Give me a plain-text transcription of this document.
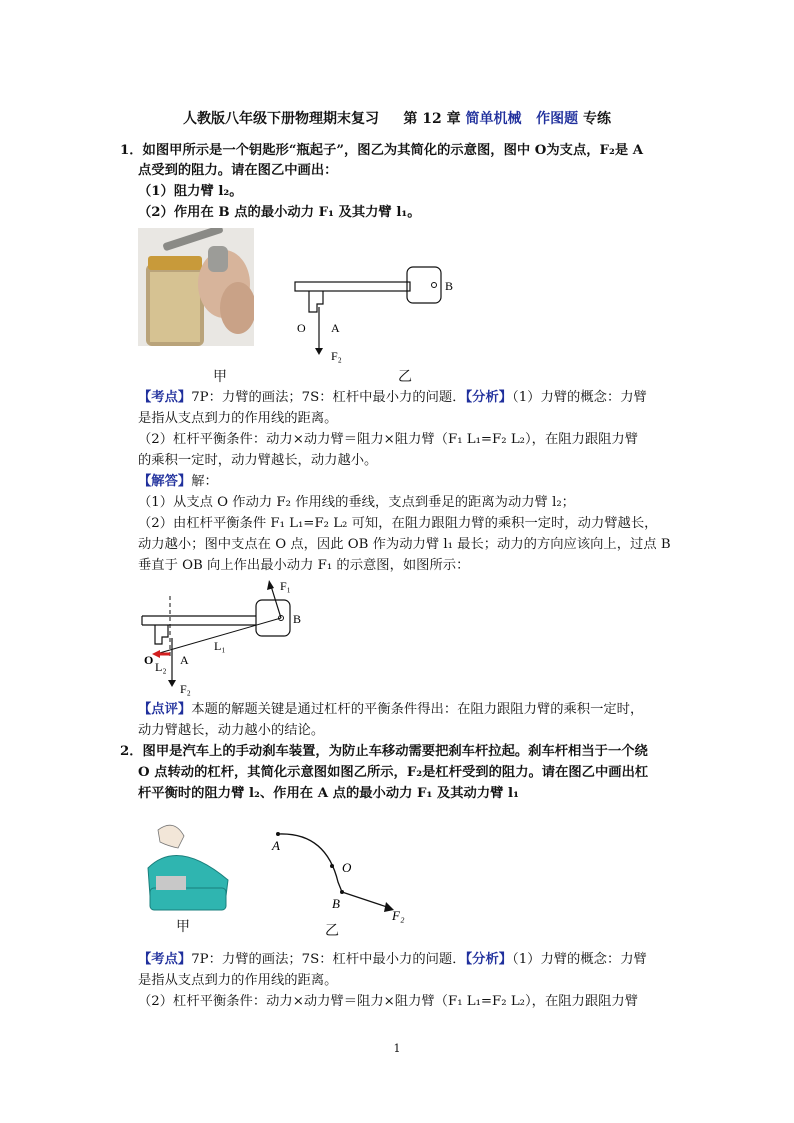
人教版八年级下册物理期末复习 第 12 章 简单机械 作图题 专练
1．如图甲所示是一个钥匙形“瓶起子”，图乙为其简化的示意图，图中 O为支点，F₂是 A
点受到的阻力。请在图乙中画出：
（1）阻力臂 l₂。
（2）作用在 B 点的最小动力 F₁ 及其力臂 l₁。
甲
B
O A
F₂
乙
【考点】7P：力臂的画法；7S：杠杆中最小力的问题．【分析】（1）力臂的概念：力臂
是指从支点到力的作用线的距离。
（2）杠杆平衡条件：动力×动力臂＝阻力×阻力臂（F₁ L₁=F₂ L₂），在阻力跟阻力臂
的乘积一定时，动力臂越长，动力越小。
【解答】解：
（1）从支点 O 作动力 F₂ 作用线的垂线，支点到垂足的距离为动力臂 l₂；
（2）由杠杆平衡条件 F₁ L₁=F₂ L₂ 可知，在阻力跟阻力臂的乘积一定时，动力臂越长，
动力越小；图中支点在 O 点，因此 OB 作为动力臂 l₁ 最长；动力的方向应该向上，过点 B
垂直于 OB 向上作出最小动力 F₁ 的示意图，如图所示：
F₁
B
L₁
O L₂ A
F₂
【点评】本题的解题关键是通过杠杆的平衡条件得出：在阻力跟阻力臂的乘积一定时，
动力臂越长，动力越小的结论。
2．图甲是汽车上的手动刹车装置，为防止车移动需要把刹车杆拉起。刹车杆相当于一个绕
O 点转动的杠杆，其简化示意图如图乙所示，F₂是杠杆受到的阻力。请在图乙中画出杠
杆平衡时的阻力臂 l₂、作用在 A 点的最小动力 F₁ 及其动力臂 l₁
甲
A
O
B
F₂
乙
【考点】7P：力臂的画法；7S：杠杆中最小力的问题．【分析】（1）力臂的概念：力臂
是指从支点到力的作用线的距离。
（2）杠杆平衡条件：动力×动力臂＝阻力×阻力臂（F₁ L₁=F₂ L₂），在阻力跟阻力臂
1
